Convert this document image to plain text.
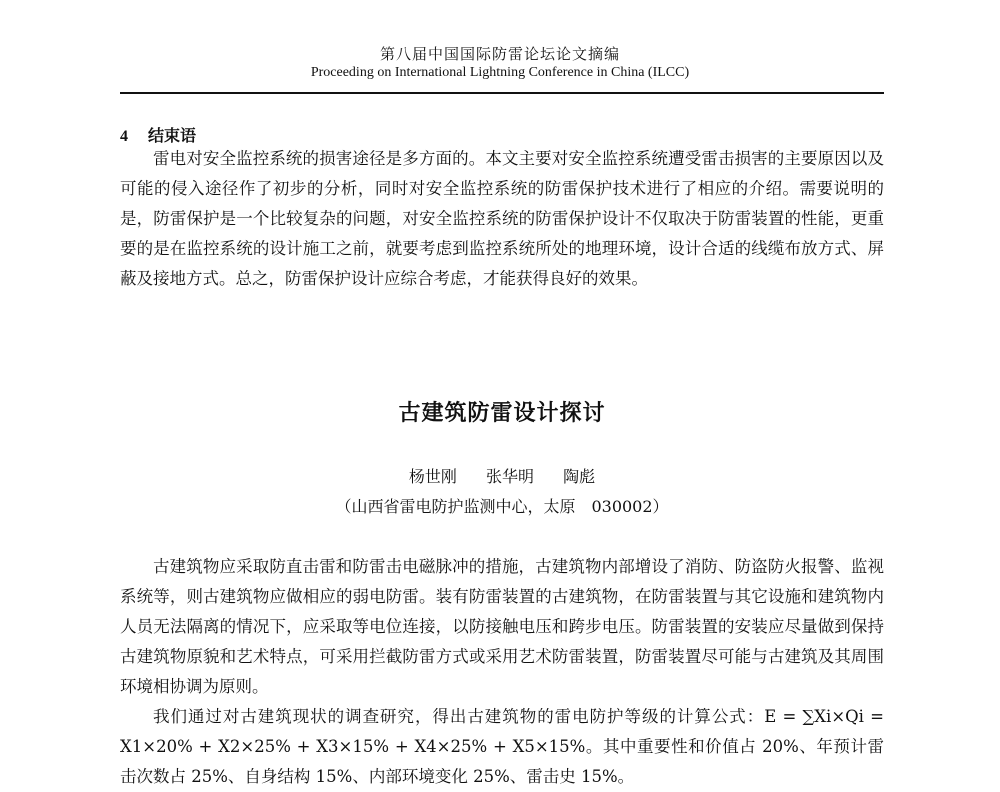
第八届中国国际防雷论坛论文摘编
Proceeding on International Lightning Conference in China (ILCC)
4 结束语

雷电对安全监控系统的损害途径是多方面的。本文主要对安全监控系统遭受雷击损害的主要原因以及可能的侵入途径作了初步的分析，同时对安全监控系统的防雷保护技术进行了相应的介绍。需要说明的是，防雷保护是一个比较复杂的问题，对安全监控系统的防雷保护设计不仅取决于防雷装置的性能，更重要的是在监控系统的设计施工之前，就要考虑到监控系统所处的地理环境，设计合适的线缆布放方式、屏蔽及接地方式。总之，防雷保护设计应综合考虑，才能获得良好的效果。

古建筑防雷设计探讨
杨世刚 张华明 陶彪
（山西省雷电防护监测中心，太原　030002）

古建筑物应采取防直击雷和防雷击电磁脉冲的措施，古建筑物内部增设了消防、防盗防火报警、监视系统等，则古建筑物应做相应的弱电防雷。装有防雷装置的古建筑物，在防雷装置与其它设施和建筑物内人员无法隔离的情况下，应采取等电位连接，以防接触电压和跨步电压。防雷装置的安装应尽量做到保持古建筑物原貌和艺术特点，可采用拦截防雷方式或采用艺术防雷装置，防雷装置尽可能与古建筑及其周围环境相协调为原则。

我们通过对古建筑现状的调查研究，得出古建筑物的雷电防护等级的计算公式：E = ∑Xi×Qi = X1×20% + X2×25% + X3×15% + X4×25% + X5×15%。其中重要性和价值占 20%、年预计雷击次数占 25%、自身结构 15%、内部环境变化 25%、雷击史 15%。
